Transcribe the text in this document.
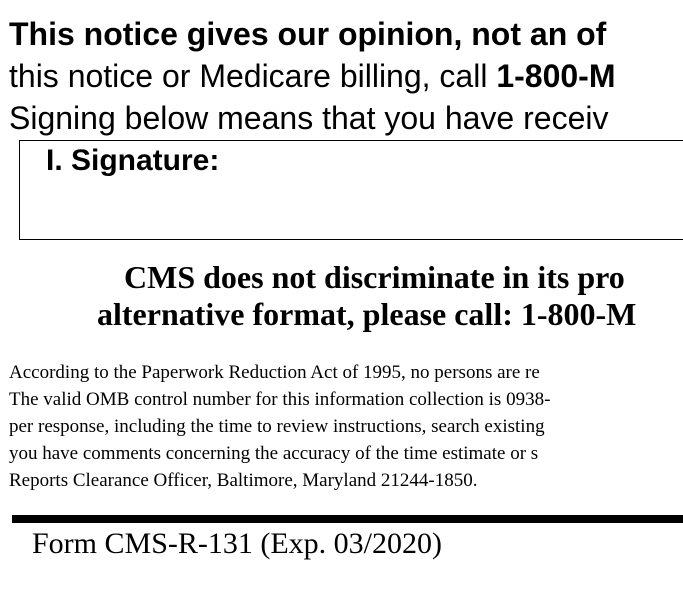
This notice gives our opinion, not an of
this notice or Medicare billing, call 1-800-M
Signing below means that you have receiv
I. Signature:
CMS does not discriminate in its pro
alternative format, please call: 1-800-M
According to the Paperwork Reduction Act of 1995, no persons are re
The valid OMB control number for this information collection is 0938-
per response, including the time to review instructions, search existing
you have comments concerning the accuracy of the time estimate or s
Reports Clearance Officer, Baltimore, Maryland 21244-1850.
Form CMS-R-131 (Exp. 03/2020)
